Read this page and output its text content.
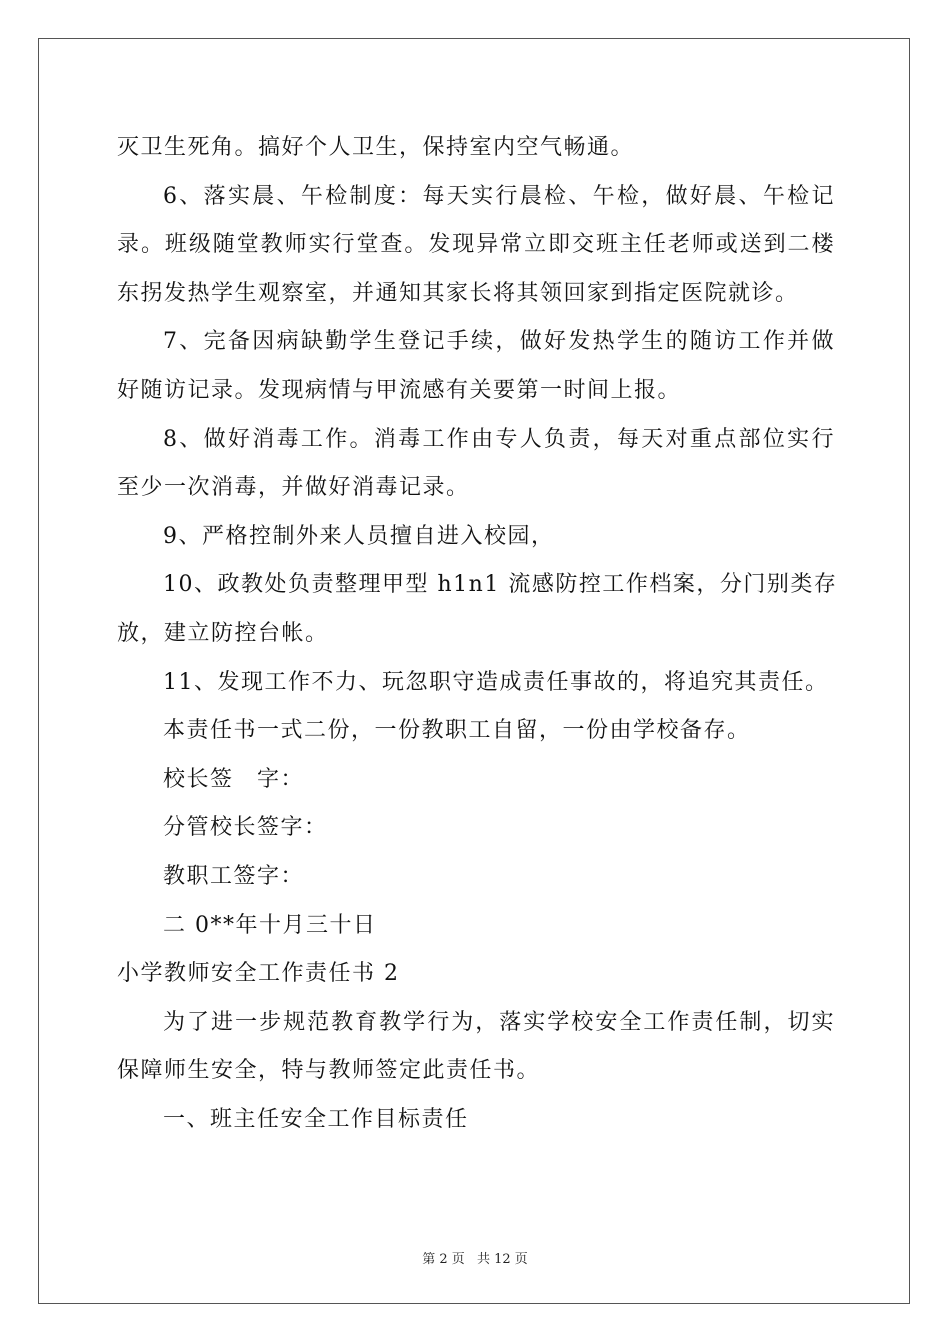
灭卫生死角。搞好个人卫生，保持室内空气畅通。
6、落实晨、午检制度：每天实行晨检、午检，做好晨、午检记
录。班级随堂教师实行堂查。发现异常立即交班主任老师或送到二楼
东拐发热学生观察室，并通知其家长将其领回家到指定医院就诊。
7、完备因病缺勤学生登记手续，做好发热学生的随访工作并做
好随访记录。发现病情与甲流感有关要第一时间上报。
8、做好消毒工作。消毒工作由专人负责，每天对重点部位实行
至少一次消毒，并做好消毒记录。
9、严格控制外来人员擅自进入校园，
10、政教处负责整理甲型 h1n1 流感防控工作档案，分门别类存
放，建立防控台帐。
11、发现工作不力、玩忽职守造成责任事故的，将追究其责任。
本责任书一式二份，一份教职工自留，一份由学校备存。
校长签　字：
分管校长签字：
教职工签字：
二 0**年十月三十日
小学教师安全工作责任书 2
为了进一步规范教育教学行为，落实学校安全工作责任制，切实
保障师生安全，特与教师签定此责任书。
一、班主任安全工作目标责任
第 2 页 共 12 页
